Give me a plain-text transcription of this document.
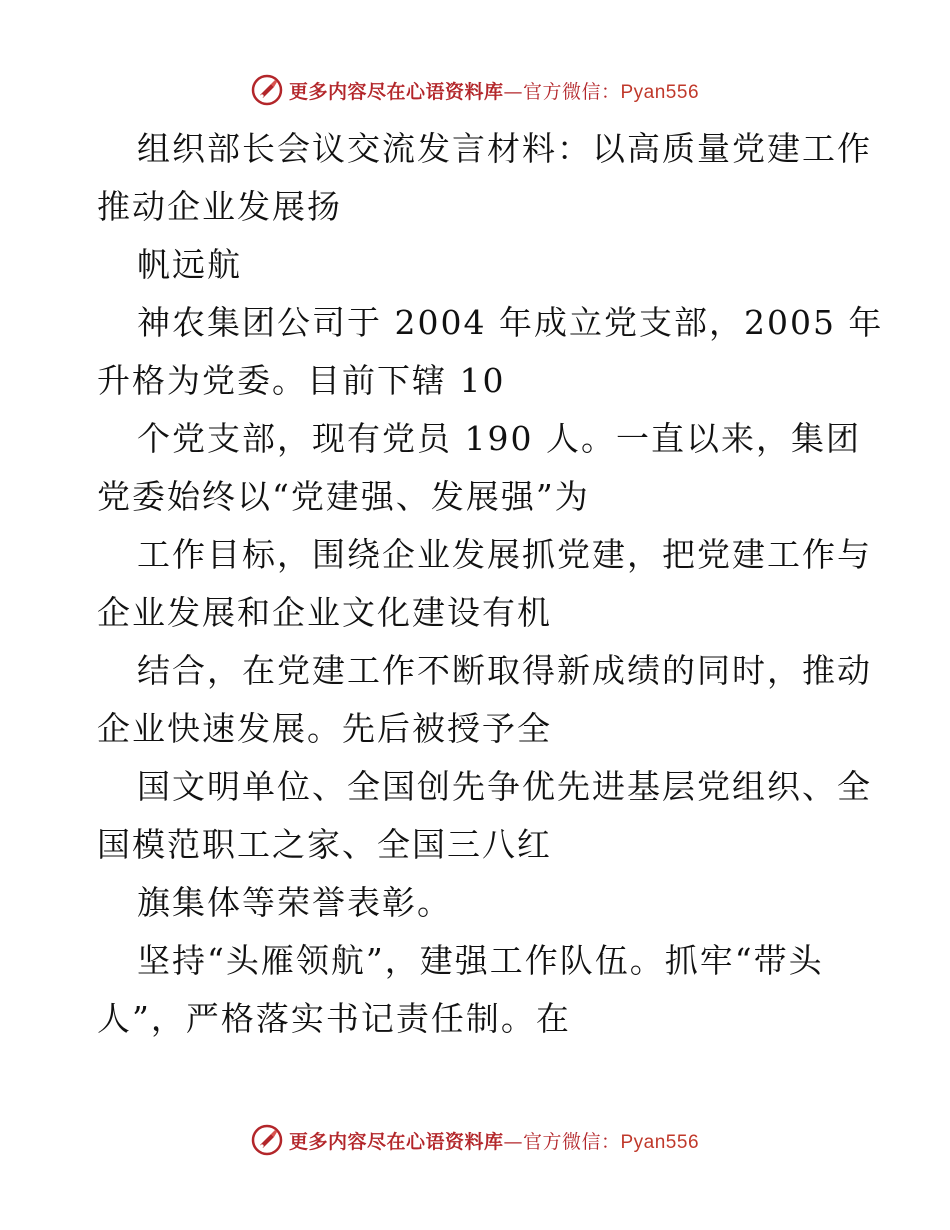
更多内容尽在心语资料库—官方微信：Pyan556
组织部长会议交流发言材料：以高质量党建工作
推动企业发展扬
帆远航
神农集团公司于 2004 年成立党支部，2005 年
升格为党委。目前下辖 10
个党支部，现有党员 190 人。一直以来，集团
党委始终以“党建强、发展强”为
工作目标，围绕企业发展抓党建，把党建工作与
企业发展和企业文化建设有机
结合，在党建工作不断取得新成绩的同时，推动
企业快速发展。先后被授予全
国文明单位、全国创先争优先进基层党组织、全
国模范职工之家、全国三八红
旗集体等荣誉表彰。
坚持“头雁领航”，建强工作队伍。抓牢“带头
人”，严格落实书记责任制。在
更多内容尽在心语资料库—官方微信：Pyan556
